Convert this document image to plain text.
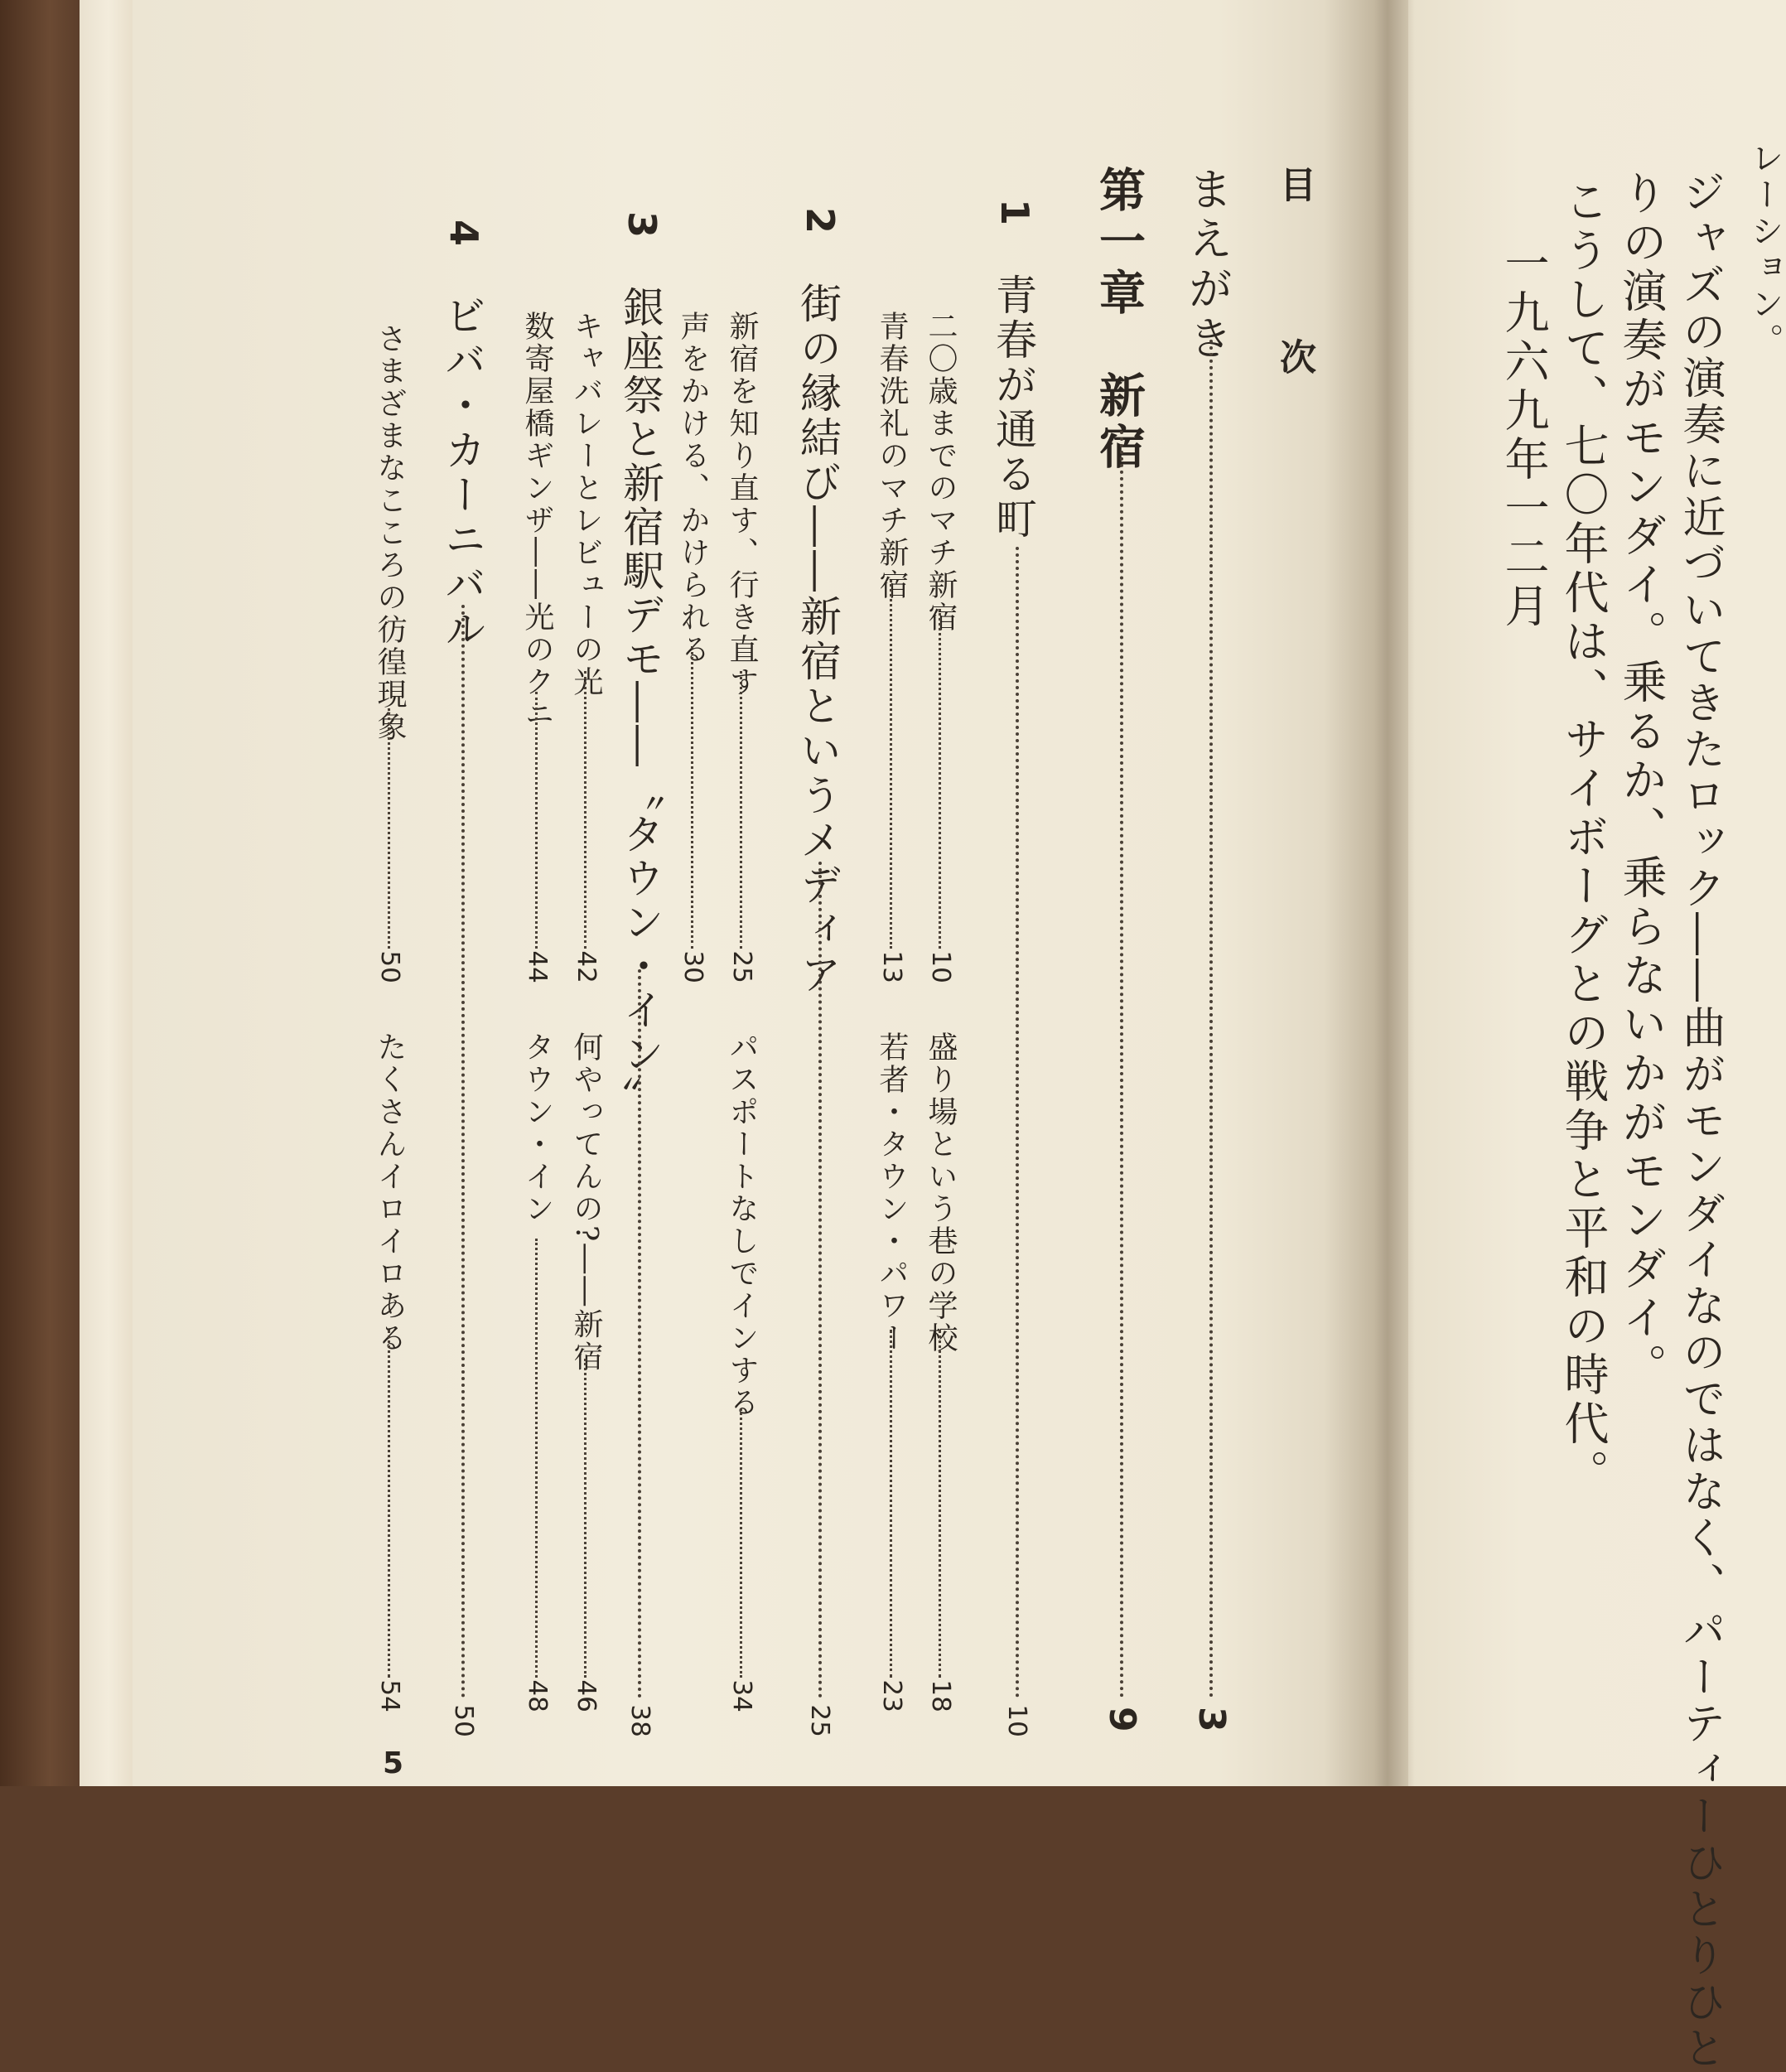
レーション。
ジャズの演奏に近づいてきたロック――曲がモンダイなのではなく、パーティーひとりひと
りの演奏がモンダイ。乗るか、乗らないかがモンダイ。
こうして、七〇年代は、サイボーグとの戦争と平和の時代。
一九六九年一二月
目　次
まえがき
3
第一章　新宿
9
1
青春が通る町
10
二〇歳までのマチ新宿
10
盛り場という巷の学校
18
青春洗礼のマチ新宿
13
若者・タウン・パワー
23
2
街の縁結び――新宿というメディア
25
新宿を知り直す、行き直す
25
パスポートなしでインする
34
声をかける、かけられる
30
3
銀座祭と新宿駅デモ――〝タウン・イン〟
38
キャバレーとレビューの光
42
何やってんの?――新宿
46
数寄屋橋ギンザ――光のクニ
44
タウン・イン
48
4
ビバ・カーニバル
50
さまざまなこころの彷徨現象
50
たくさんイロイロある
54
5
